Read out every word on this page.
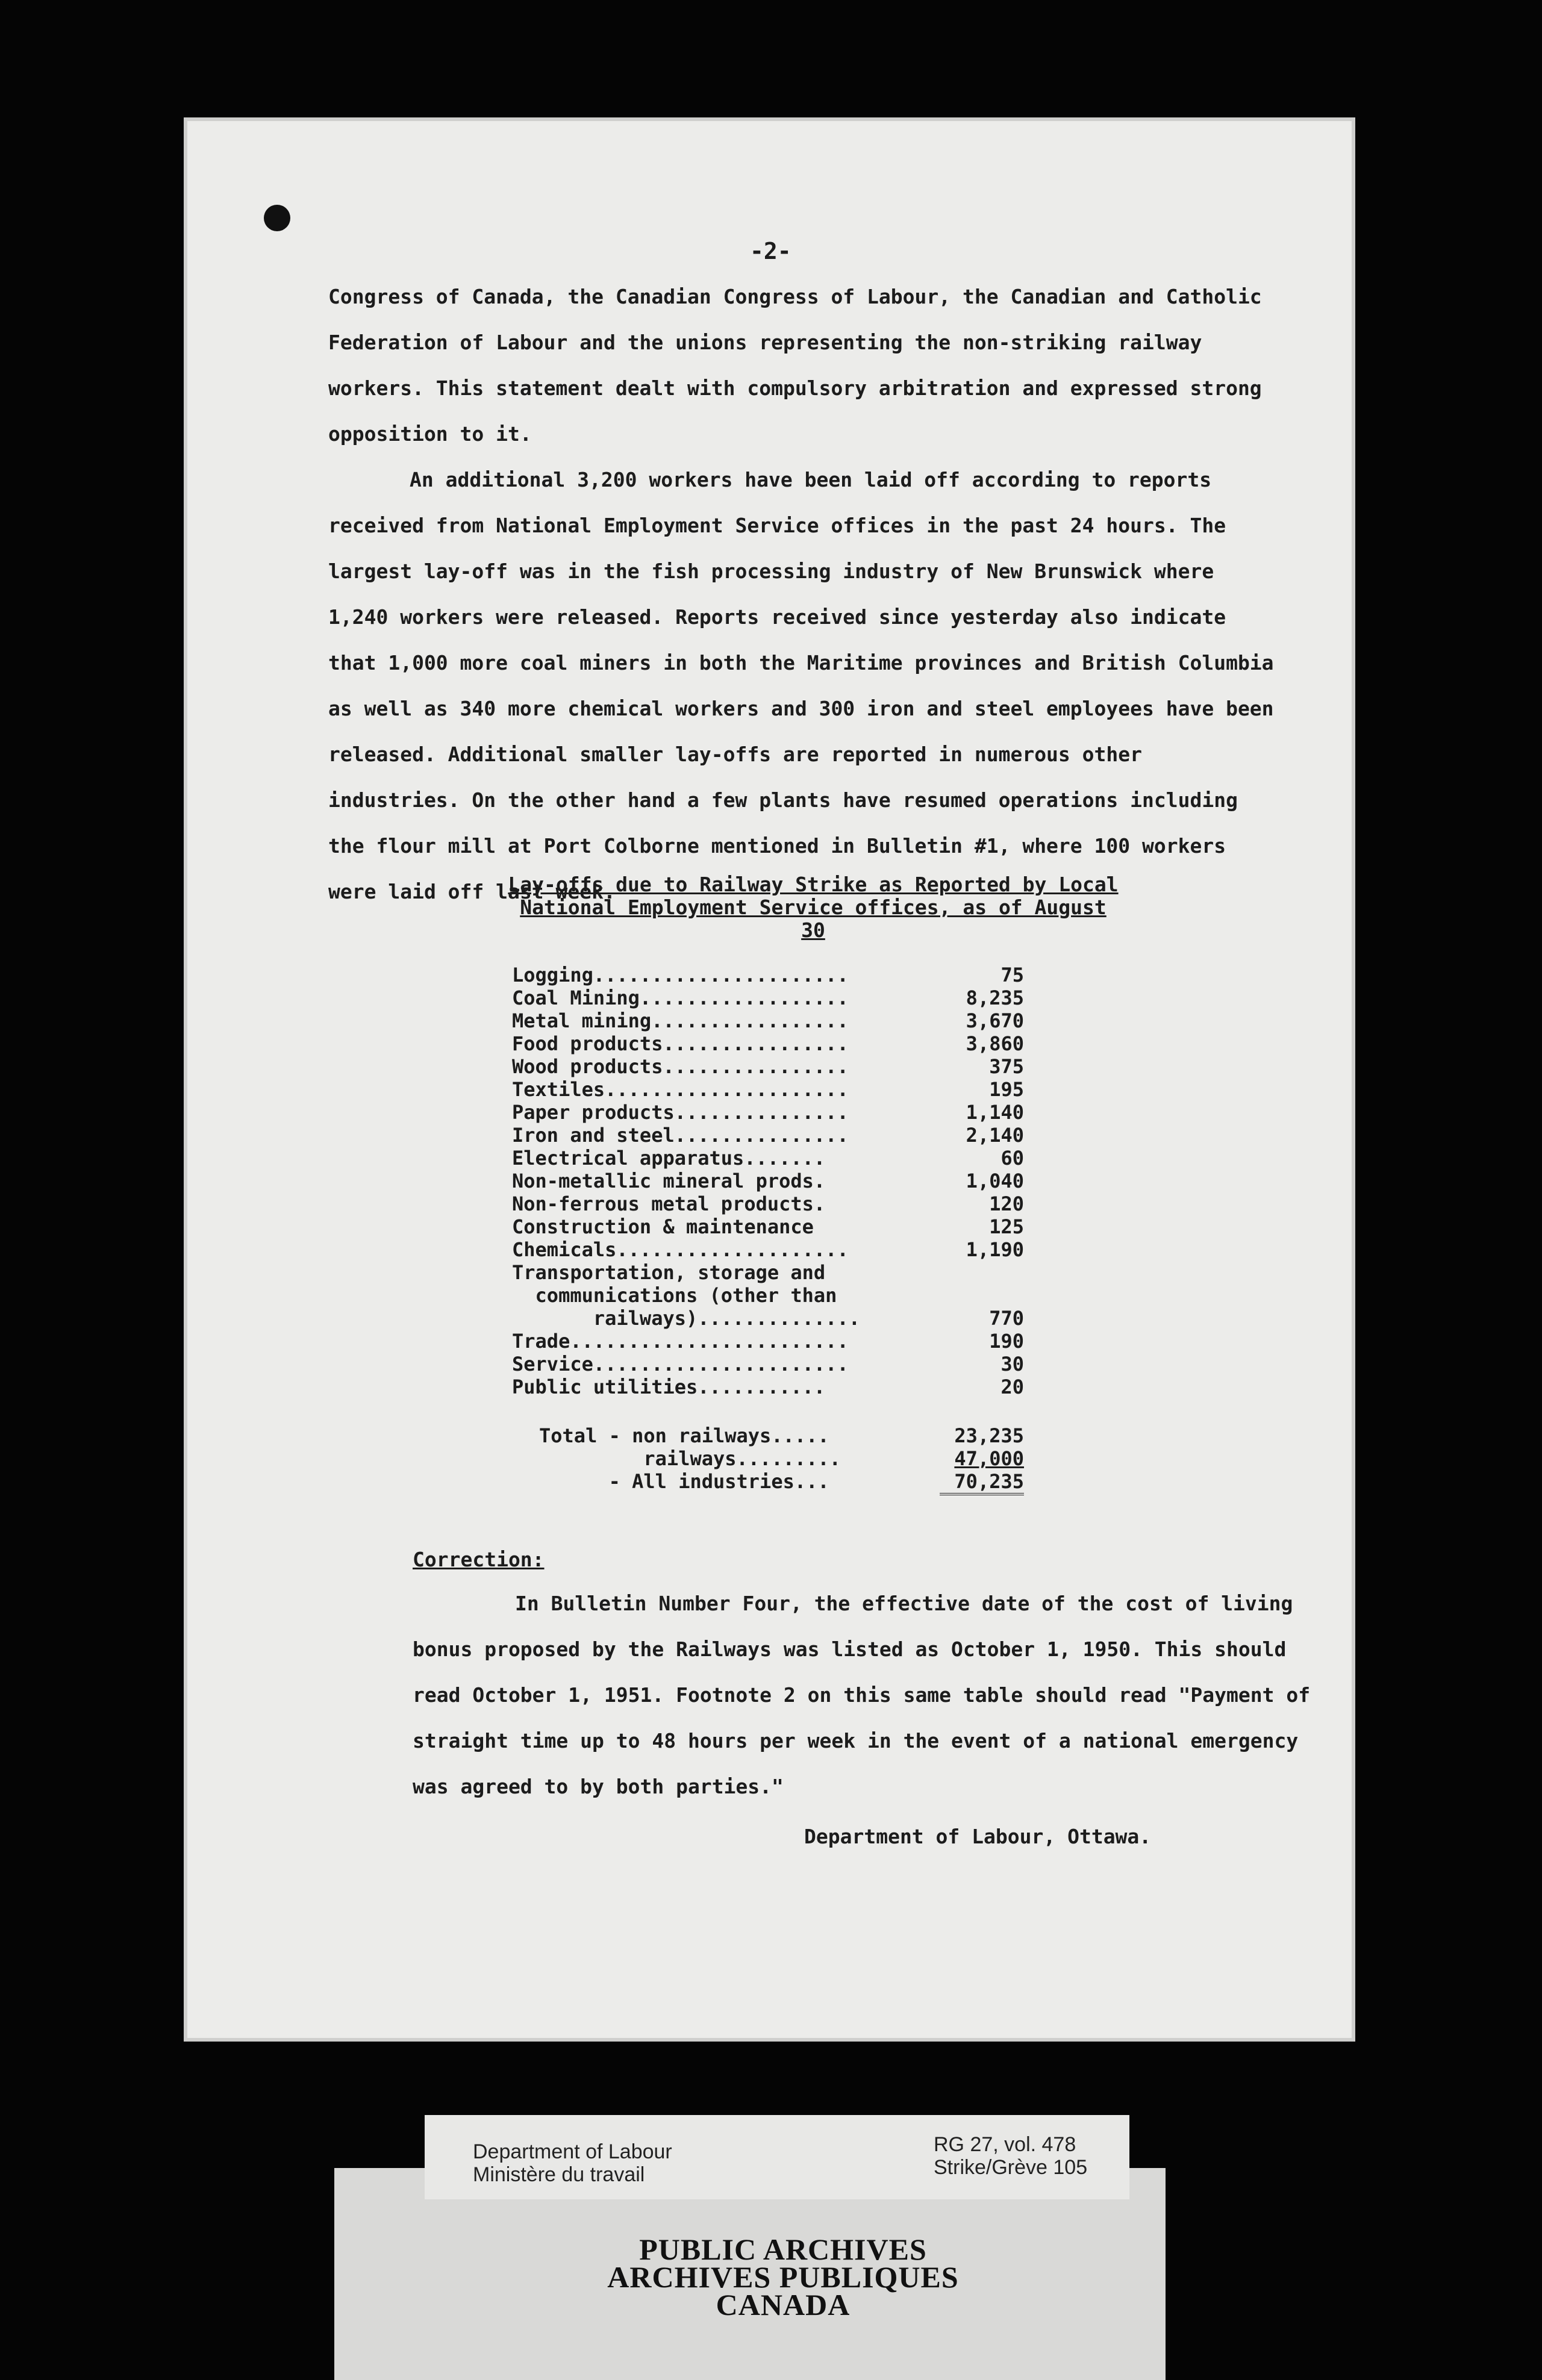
-2-

Congress of Canada, the Canadian Congress of Labour, the Canadian and Catholic Federation of Labour and the unions representing the non-striking railway workers. This statement dealt with compulsory arbitration and expressed strong opposition to it.

An additional 3,200 workers have been laid off according to reports received from National Employment Service offices in the past 24 hours. The largest lay-off was in the fish processing industry of New Brunswick where 1,240 workers were released. Reports received since yesterday also indicate that 1,000 more coal miners in both the Maritime provinces and British Columbia as well as 340 more chemical workers and 300 iron and steel employees have been released. Additional smaller lay-offs are reported in numerous other industries. On the other hand a few plants have resumed operations including the flour mill at Port Colborne mentioned in Bulletin #1, where 100 workers were laid off last week.

Lay-offs due to Railway Strike as Reported by Local
National Employment Service offices, as of August 30
Logging......................	75
Coal Mining..................	8,235
Metal mining.................	3,670
Food products................	3,860
Wood products................	375
Textiles.....................	195
Paper products...............	1,140
Iron and steel...............	2,140
Electrical apparatus.......	60
Non-metallic mineral prods.	1,040
Non-ferrous metal products.	120
Construction & maintenance	125
Chemicals....................	1,190
Transportation, storage and
communications (other than
railways)..............	770
Trade........................	190
Service......................	30
Public utilities...........	20
Total - non railways.....	23,235
railways.........	47,000
- All industries...	70,235
Correction:
In Bulletin Number Four, the effective date of the cost of living bonus proposed by the Railways was listed as October 1, 1950. This should read October 1, 1951. Footnote 2 on this same table should read "Payment of straight time up to 48 hours per week in the event of a national emergency was agreed to by both parties."
Department of Labour, Ottawa.
Department of Labour
Ministère du travail
RG 27, vol. 478
Strike/Grève 105
PUBLIC ARCHIVES
ARCHIVES PUBLIQUES
CANADA
